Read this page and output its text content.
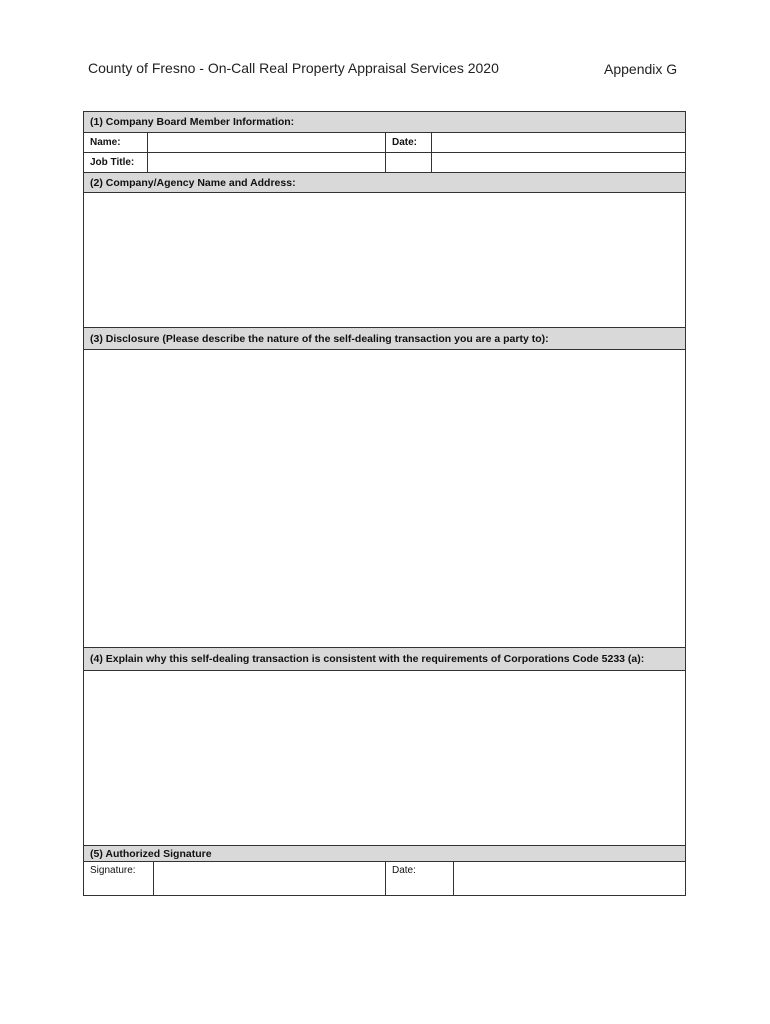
County of Fresno - On-Call Real Property Appraisal Services 2020	Appendix G
(1) Company Board Member Information:
Name:	Date:
Job Title:
(2) Company/Agency Name and Address:
(3) Disclosure (Please describe the nature of the self-dealing transaction you are a party to):
(4) Explain why this self-dealing transaction is consistent with the requirements of Corporations Code 5233 (a):
(5) Authorized Signature
Signature:	Date:
